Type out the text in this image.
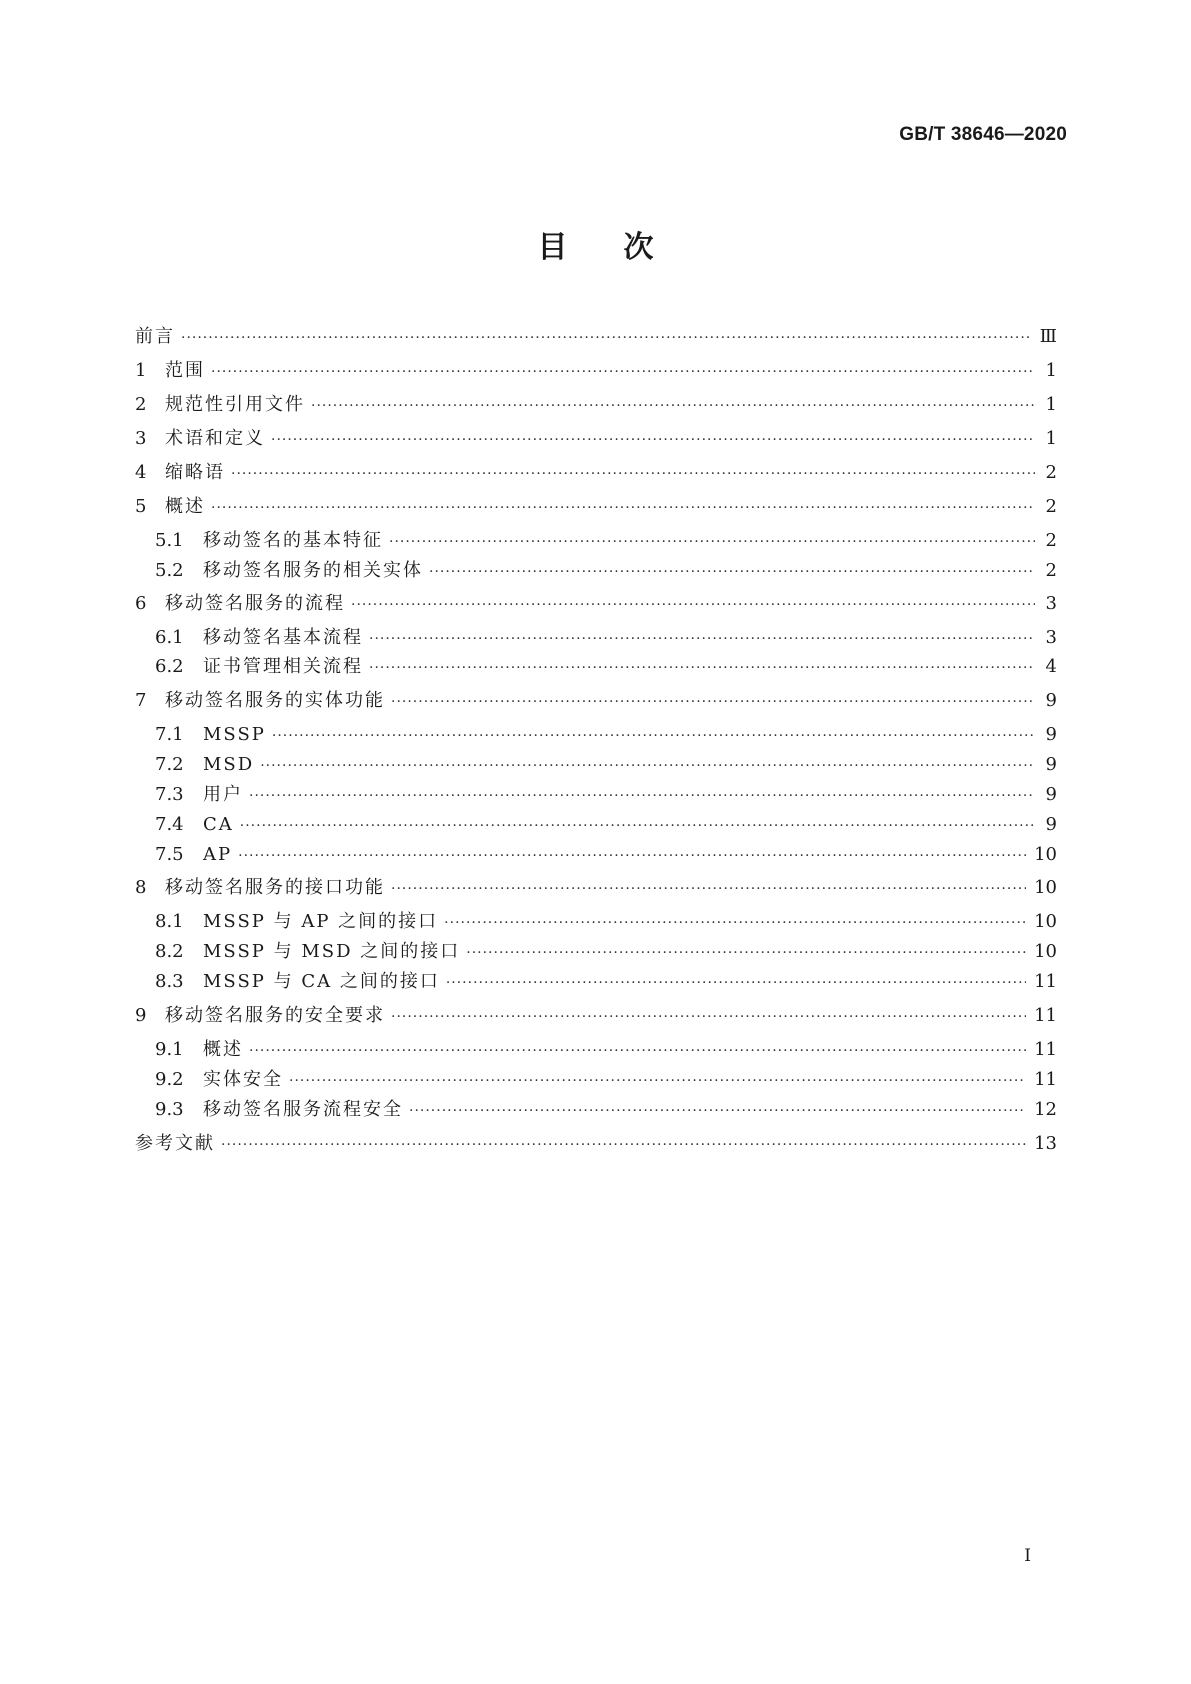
GB/T 38646—2020
目次
前言 ·····	Ⅲ
1	范围 ·····	1
2	规范性引用文件 ·····	1
3	术语和定义 ·····	1
4	缩略语 ·····	2
5	概述 ·····	2
5.1	移动签名的基本特征 ·····	2
5.2	移动签名服务的相关实体 ·····	2
6	移动签名服务的流程 ·····	3
6.1	移动签名基本流程 ·····	3
6.2	证书管理相关流程 ·····	4
7	移动签名服务的实体功能 ·····	9
7.1	MSSP ·····	9
7.2	MSD ·····	9
7.3	用户 ·····	9
7.4	CA ·····	9
7.5	AP ·····	10
8	移动签名服务的接口功能 ·····	10
8.1	MSSP 与 AP 之间的接口 ·····	10
8.2	MSSP 与 MSD 之间的接口 ·····	10
8.3	MSSP 与 CA 之间的接口 ·····	11
9	移动签名服务的安全要求 ·····	11
9.1	概述 ·····	11
9.2	实体安全 ·····	11
9.3	移动签名服务流程安全 ·····	12
参考文献 ·····	13
Ⅰ
